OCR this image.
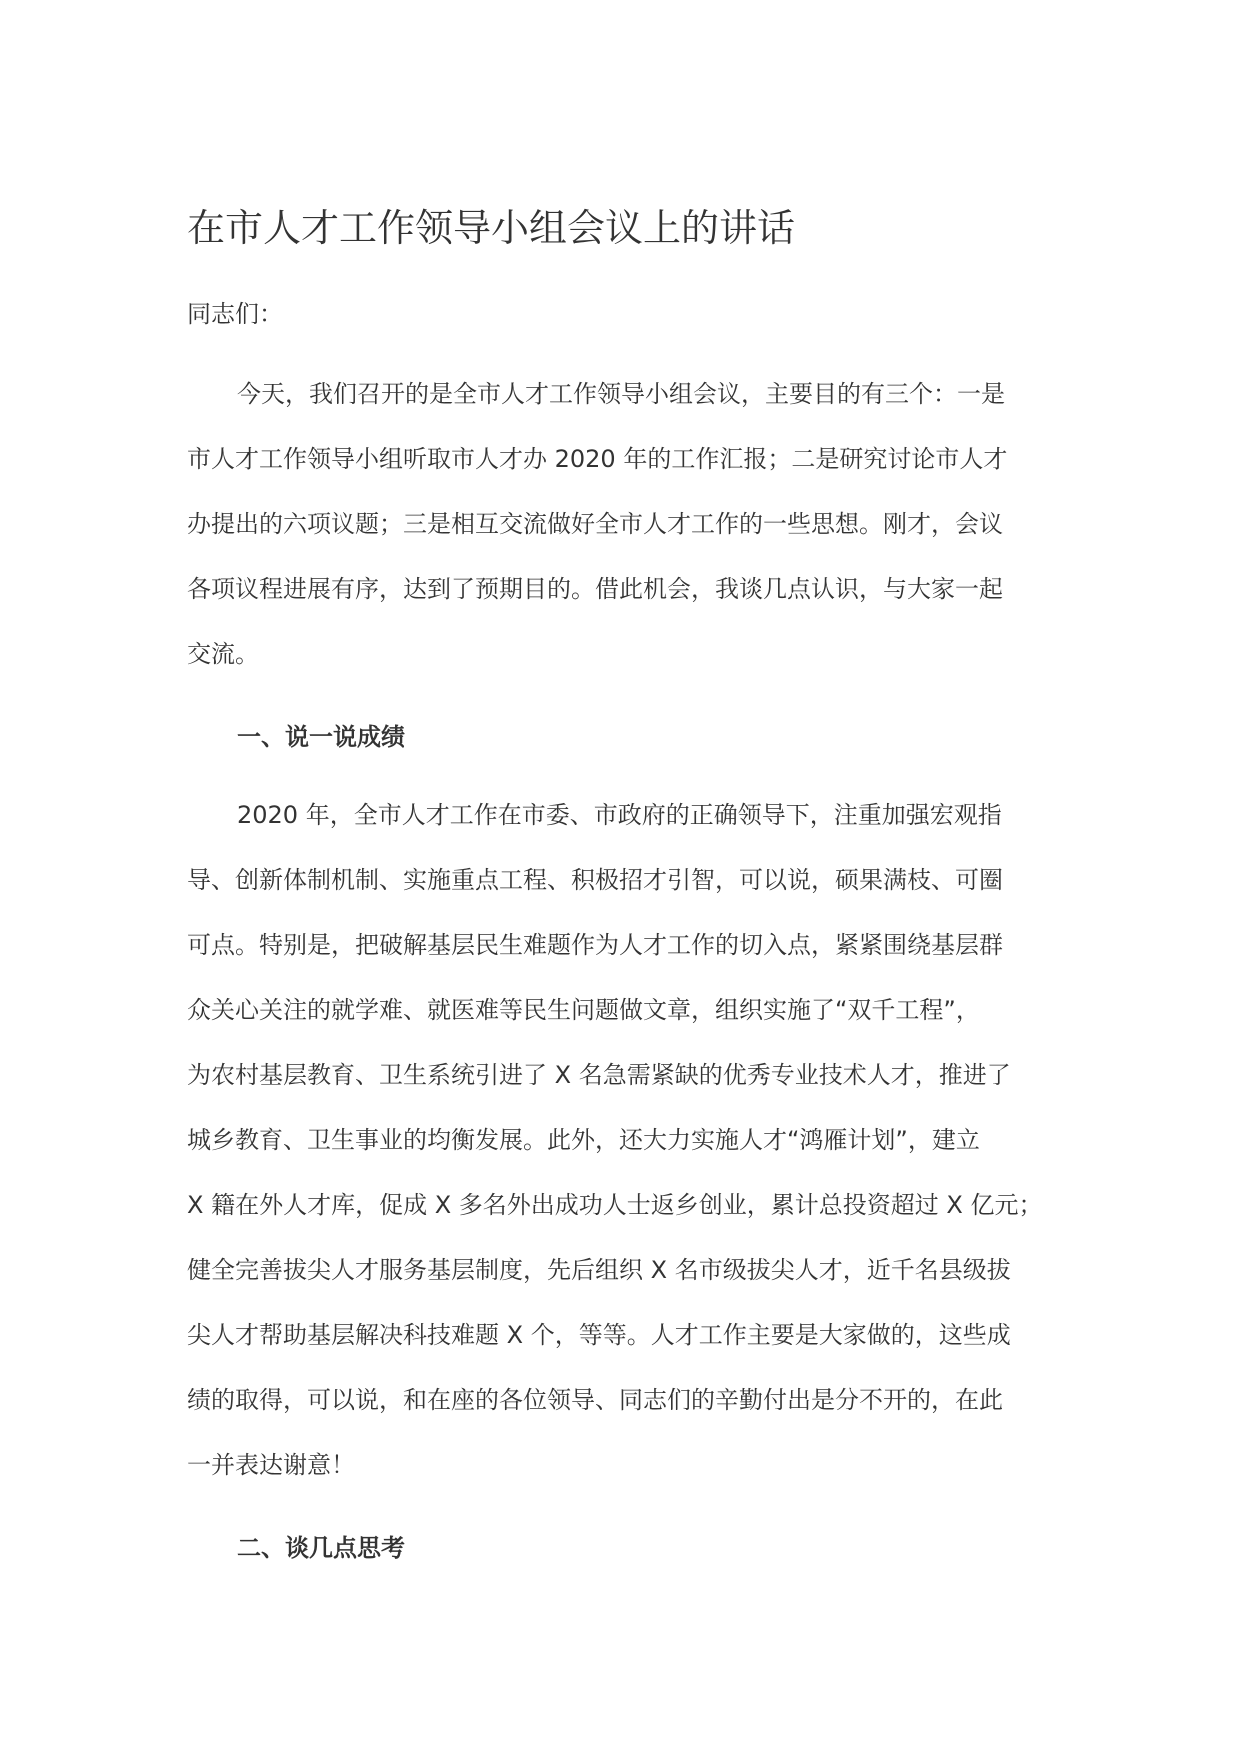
在市人才工作领导小组会议上的讲话

同志们：

今天，我们召开的是全市人才工作领导小组会议，主要目的有三个：一是
市人才工作领导小组听取市人才办 2020 年的工作汇报；二是研究讨论市人才
办提出的六项议题；三是相互交流做好全市人才工作的一些思想。刚才，会议
各项议程进展有序，达到了预期目的。借此机会，我谈几点认识，与大家一起
交流。
一、说一说成绩
2020 年，全市人才工作在市委、市政府的正确领导下，注重加强宏观指
导、创新体制机制、实施重点工程、积极招才引智，可以说，硕果满枝、可圈
可点。特别是，把破解基层民生难题作为人才工作的切入点，紧紧围绕基层群
众关心关注的就学难、就医难等民生问题做文章，组织实施了“双千工程”，
为农村基层教育、卫生系统引进了 X 名急需紧缺的优秀专业技术人才，推进了
城乡教育、卫生事业的均衡发展。此外，还大力实施人才“鸿雁计划”，建立
X 籍在外人才库，促成 X 多名外出成功人士返乡创业，累计总投资超过 X 亿元；
健全完善拔尖人才服务基层制度，先后组织 X 名市级拔尖人才，近千名县级拔
尖人才帮助基层解决科技难题 X 个，等等。人才工作主要是大家做的，这些成
绩的取得，可以说，和在座的各位领导、同志们的辛勤付出是分不开的，在此
一并表达谢意！
二、谈几点思考
